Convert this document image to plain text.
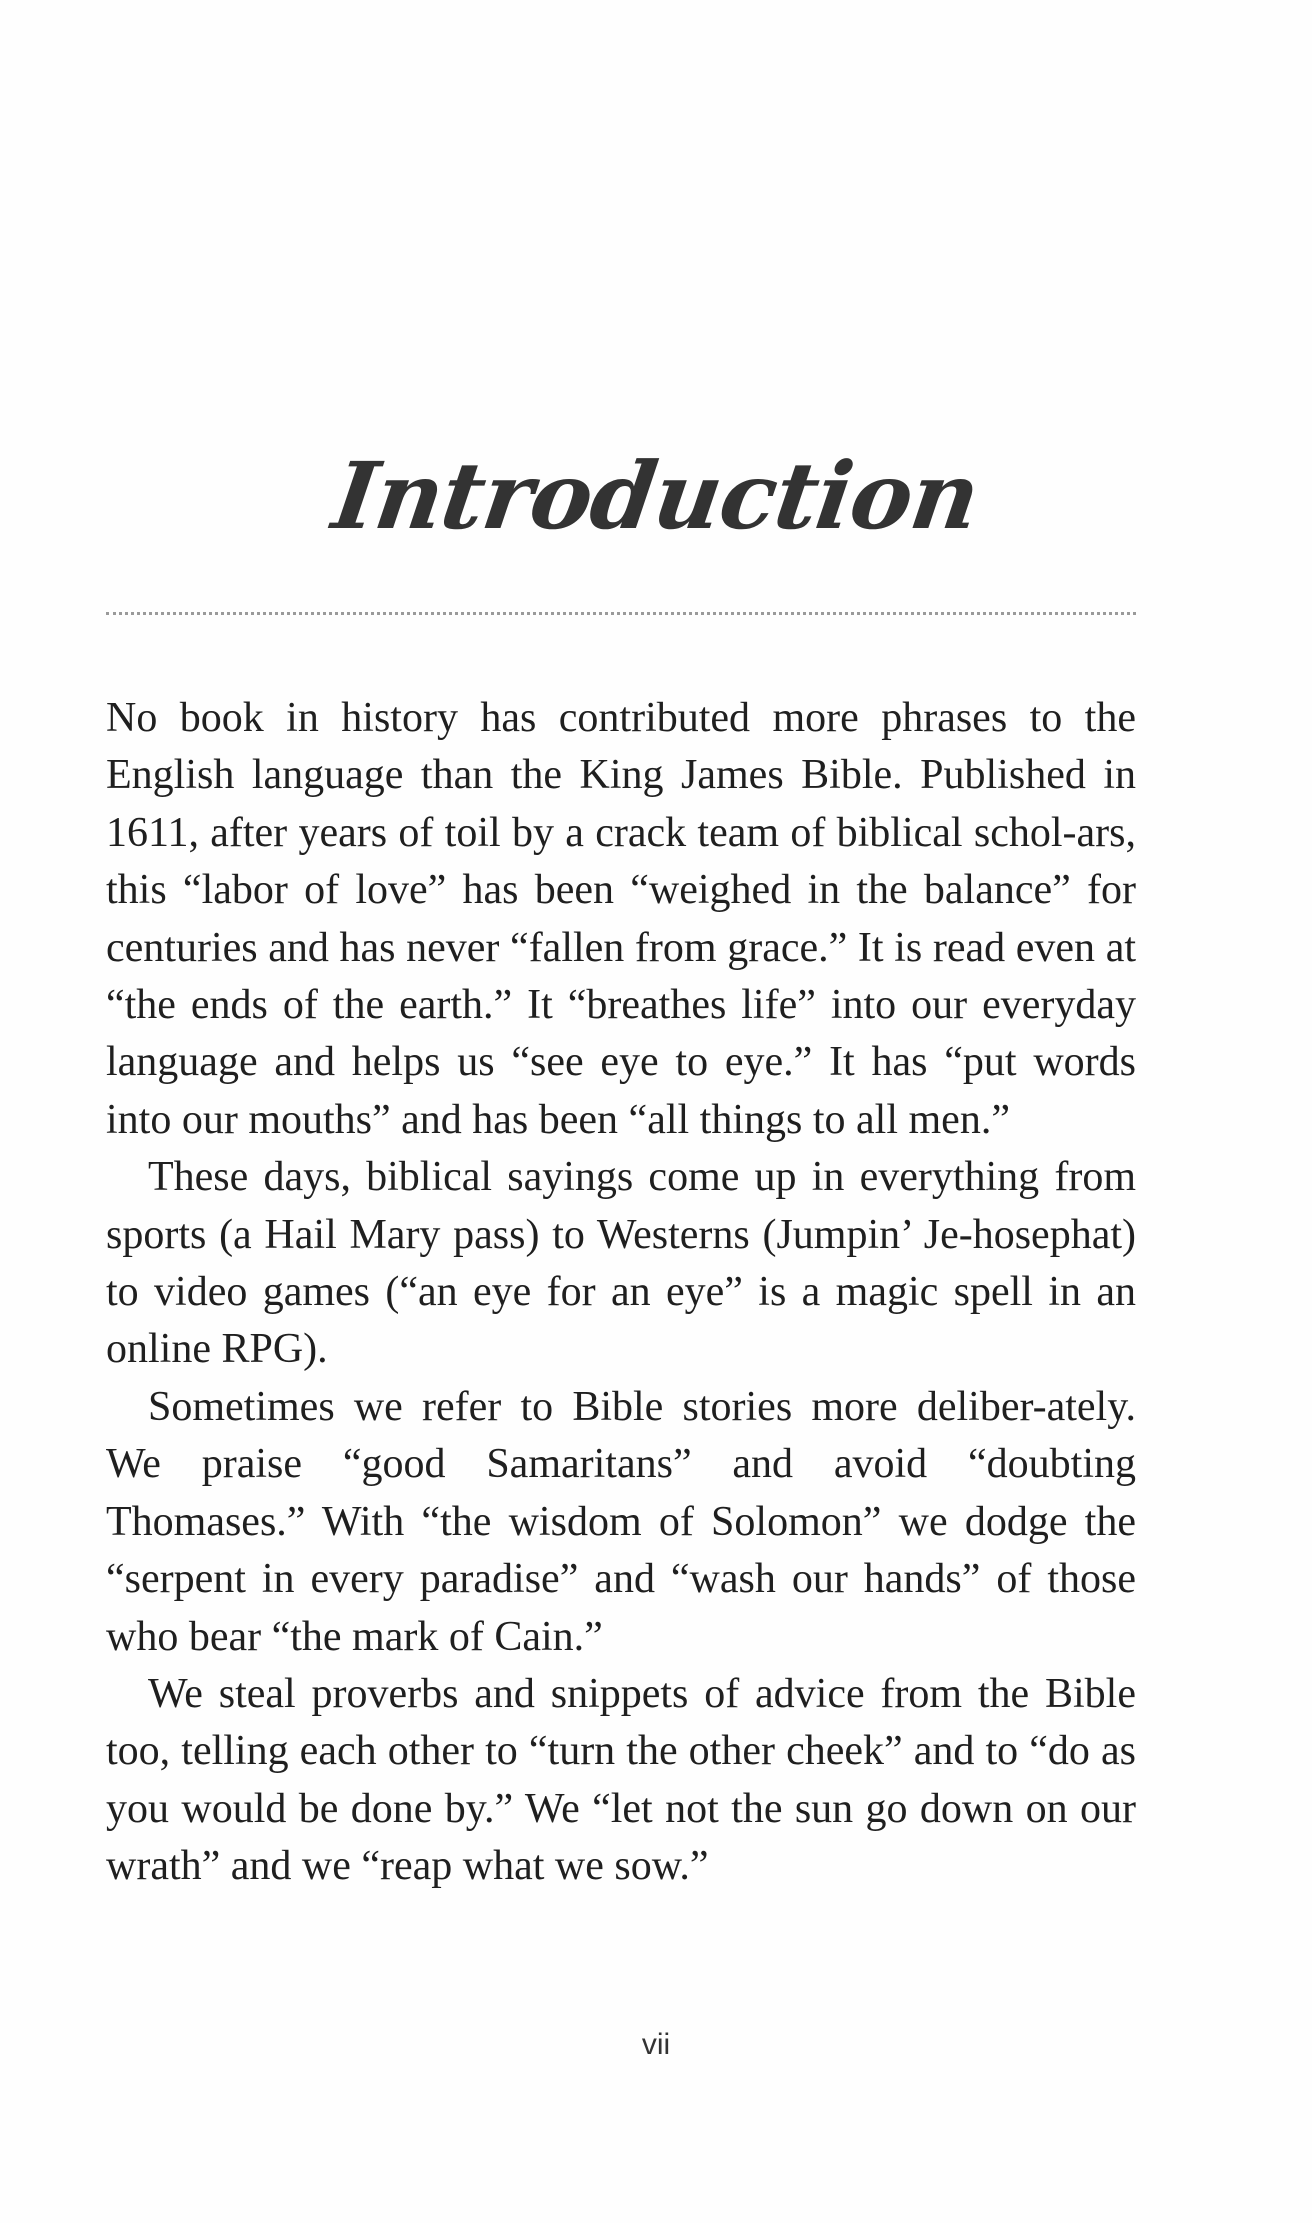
Introduction

No book in history has contributed more phrases to the English language than the King James Bible. Published in 1611, after years of toil by a crack team of biblical schol-ars, this “labor of love” has been “weighed in the balance” for centuries and has never “fallen from grace.” It is read even at “the ends of the earth.” It “breathes life” into our everyday language and helps us “see eye to eye.” It has “put words into our mouths” and has been “all things to all men.”

These days, biblical sayings come up in everything from sports (a Hail Mary pass) to Westerns (Jumpin’ Je-hosephat) to video games (“an eye for an eye” is a magic spell in an online RPG).

Sometimes we refer to Bible stories more deliber-ately. We praise “good Samaritans” and avoid “doubting Thomases.” With “the wisdom of Solomon” we dodge the “serpent in every paradise” and “wash our hands” of those who bear “the mark of Cain.”

We steal proverbs and snippets of advice from the Bible too, telling each other to “turn the other cheek” and to “do as you would be done by.” We “let not the sun go down on our wrath” and we “reap what we sow.”

vii
